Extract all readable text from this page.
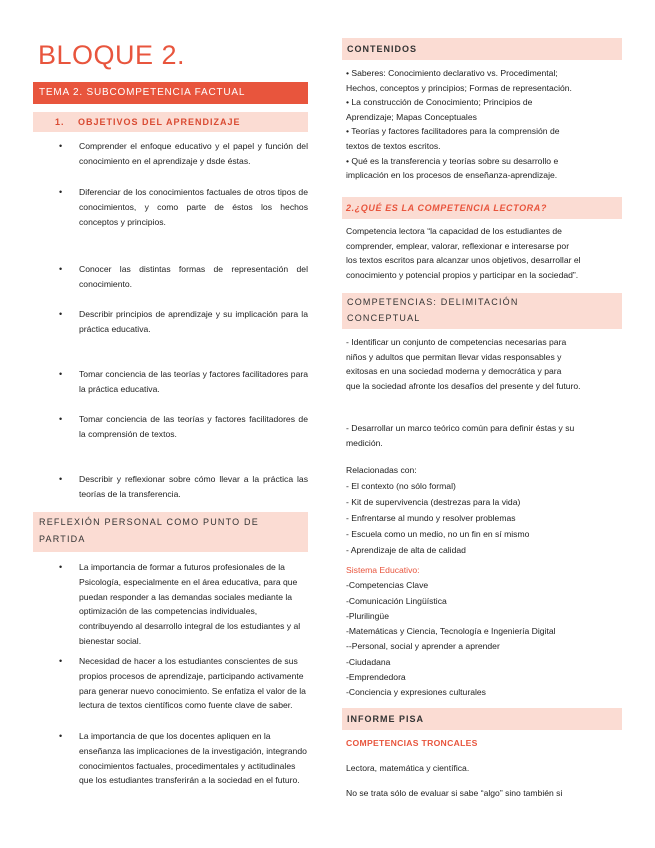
BLOQUE 2.
TEMA 2. SUBCOMPETENCIA FACTUAL
1. OBJETIVOS DEL APRENDIZAJE
• Comprender el enfoque educativo y el papel y función del conocimiento en el aprendizaje y dsde éstas.
• Diferenciar de los conocimientos factuales de otros tipos de conocimientos, y como parte de éstos los hechos conceptos y principios.
• Conocer las distintas formas de representación del conocimiento.
• Describir principios de aprendizaje y su implicación para la práctica educativa.
• Tomar conciencia de las teorías y factores facilitadores para la práctica educativa.
• Tomar conciencia de las teorías y factores facilitadores de la comprensión de textos.
• Describir y reflexionar sobre cómo llevar a la práctica las teorías de la transferencia.
REFLEXIÓN PERSONAL COMO PUNTO DE
PARTIDA
• La importancia de formar a futuros profesionales de la Psicología, especialmente en el área educativa, para que puedan responder a las demandas sociales mediante la optimización de las competencias individuales, contribuyendo al desarrollo integral de los estudiantes y al bienestar social.
• Necesidad de hacer a los estudiantes conscientes de sus propios procesos de aprendizaje, participando activamente para generar nuevo conocimiento. Se enfatiza el valor de la lectura de textos científicos como fuente clave de saber.
• La importancia de que los docentes apliquen en la enseñanza las implicaciones de la investigación, integrando conocimientos factuales, procedimentales y actitudinales que los estudiantes transferirán a la sociedad en el futuro.
CONTENIDOS
• Saberes: Conocimiento declarativo vs. Procedimental;
Hechos, conceptos y principios; Formas de representación.
• La construcción de Conocimiento; Principios de
Aprendizaje; Mapas Conceptuales
• Teorías y factores facilitadores para la comprensión de
textos de textos escritos.
• Qué es la transferencia y teorías sobre su desarrollo e
implicación en los procesos de enseñanza-aprendizaje.
2.¿QUÉ ES LA COMPETENCIA LECTORA?
Competencia lectora “la capacidad de los estudiantes de
comprender, emplear, valorar, reflexionar e interesarse por
los textos escritos para alcanzar unos objetivos, desarrollar el
conocimiento y potencial propios y participar en la sociedad”.
COMPETENCIAS: DELIMITACIÓN
CONCEPTUAL
- Identificar un conjunto de competencias necesarias para
niños y adultos que permitan llevar vidas responsables y
exitosas en una sociedad moderna y democrática y para
que la sociedad afronte los desafíos del presente y del futuro.
- Desarrollar un marco teórico común para definir éstas y su
medición.
Relacionadas con:
- El contexto (no sólo formal)
- Kit de supervivencia (destrezas para la vida)
- Enfrentarse al mundo y resolver problemas
- Escuela como un medio, no un fin en sí mismo
- Aprendizaje de alta de calidad
Sistema Educativo:
-Competencias Clave
-Comunicación Lingüística
-Plurilingüe
-Matemáticas y Ciencia, Tecnología e Ingeniería Digital
--Personal, social y aprender a aprender
-Ciudadana
-Emprendedora
-Conciencia y expresiones culturales
INFORME PISA
COMPETENCIAS TRONCALES
Lectora, matemática y científica.
No se trata sólo de evaluar si sabe “algo” sino también si
